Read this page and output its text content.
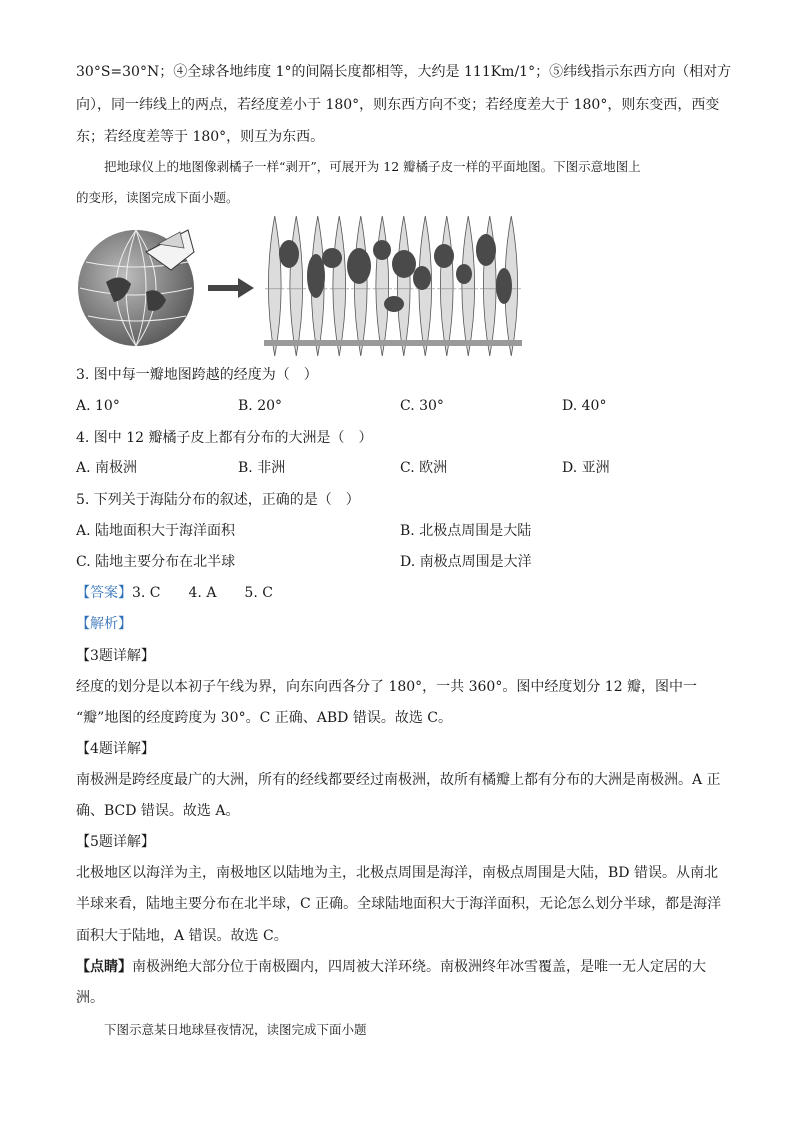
30°S=30°N；④全球各地纬度 1°的间隔长度都相等，大约是 111Km/1°；⑤纬线指示东西方向（相对方
向），同一纬线上的两点，若经度差小于 180°，则东西方向不变；若经度差大于 180°，则东变西，西变
东；若经度差等于 180°，则互为东西。
把地球仪上的地图像剥橘子一样“剥开”，可展开为 12 瓣橘子皮一样的平面地图。下图示意地图上
的变形，读图完成下面小题。
3. 图中每一瓣地图跨越的经度为（　）
A. 10°	B. 20°	C. 30°	D. 40°
4. 图中 12 瓣橘子皮上都有分布的大洲是（　）
A. 南极洲	B. 非洲	C. 欧洲	D. 亚洲
5. 下列关于海陆分布的叙述，正确的是（　）
A. 陆地面积大于海洋面积	B. 北极点周围是大陆
C. 陆地主要分布在北半球	D. 南极点周围是大洋
【答案】3. C　　4. A　　5. C
【解析】
【3题详解】
经度的划分是以本初子午线为界，向东向西各分了 180°，一共 360°。图中经度划分 12 瓣，图中一
“瓣”地图的经度跨度为 30°。C 正确、ABD 错误。故选 C。
【4题详解】
南极洲是跨经度最广的大洲，所有的经线都要经过南极洲，故所有橘瓣上都有分布的大洲是南极洲。A 正
确、BCD 错误。故选 A。
【5题详解】
北极地区以海洋为主，南极地区以陆地为主，北极点周围是海洋，南极点周围是大陆，BD 错误。从南北
半球来看，陆地主要分布在北半球，C 正确。全球陆地面积大于海洋面积，无论怎么划分半球，都是海洋
面积大于陆地，A 错误。故选 C。
【点睛】南极洲绝大部分位于南极圈内，四周被大洋环绕。南极洲终年冰雪覆盖，是唯一无人定居的大
洲。
下图示意某日地球昼夜情况，读图完成下面小题
